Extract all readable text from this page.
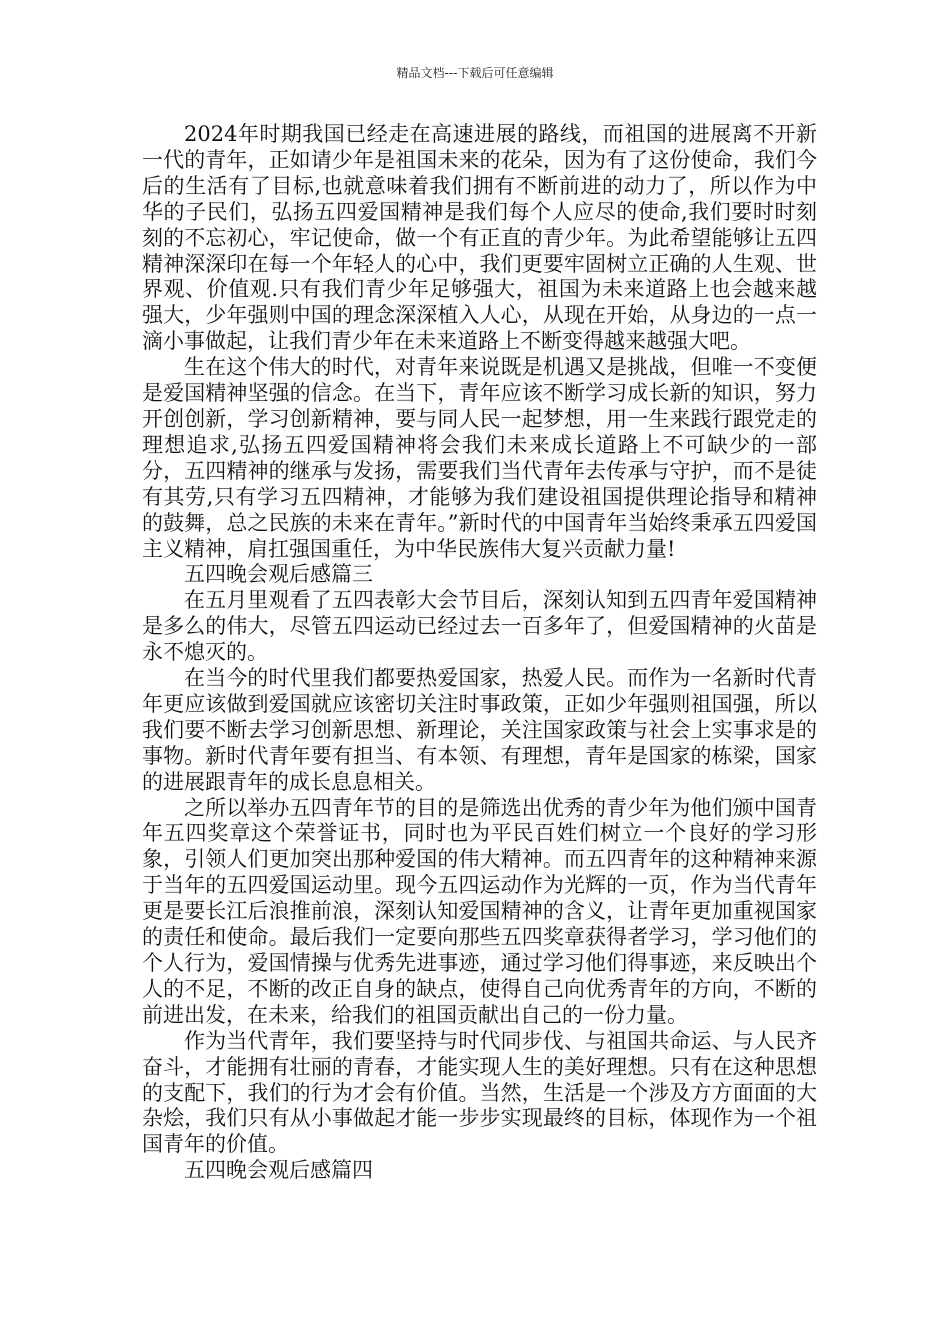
精品文档---下载后可任意编辑

2024年时期我国已经走在高速进展的路线，而祖国的进展离不开新一代的青年，正如请少年是祖国未来的花朵，因为有了这份使命，我们今后的生活有了目标,也就意味着我们拥有不断前进的动力了，所以作为中华的子民们，弘扬五四爱国精神是我们每个人应尽的使命,我们要时时刻刻的不忘初心，牢记使命，做一个有正直的青少年。为此希望能够让五四精神深深印在每一个年轻人的心中，我们更要牢固树立正确的人生观、世界观、价值观.只有我们青少年足够强大，祖国为未来道路上也会越来越强大，少年强则中国的理念深深植入人心，从现在开始，从身边的一点一滴小事做起，让我们青少年在未来道路上不断变得越来越强大吧。

生在这个伟大的时代，对青年来说既是机遇又是挑战，但唯一不变便是爱国精神坚强的信念。在当下，青年应该不断学习成长新的知识，努力开创创新，学习创新精神，要与同人民一起梦想，用一生来践行跟党走的理想追求,弘扬五四爱国精神将会我们未来成长道路上不可缺少的一部分，五四精神的继承与发扬，需要我们当代青年去传承与守护，而不是徒有其劳,只有学习五四精神，才能够为我们建设祖国提供理论指导和精神的鼓舞，总之民族的未来在青年。”新时代的中国青年当始终秉承五四爱国主义精神，肩扛强国重任，为中华民族伟大复兴贡献力量!

五四晚会观后感篇三

在五月里观看了五四表彰大会节目后，深刻认知到五四青年爱国精神是多么的伟大，尽管五四运动已经过去一百多年了，但爱国精神的火苗是永不熄灭的。

在当今的时代里我们都要热爱国家，热爱人民。而作为一名新时代青年更应该做到爱国就应该密切关注时事政策，正如少年强则祖国强，所以我们要不断去学习创新思想、新理论，关注国家政策与社会上实事求是的事物。新时代青年要有担当、有本领、有理想，青年是国家的栋梁，国家的进展跟青年的成长息息相关。

之所以举办五四青年节的目的是筛选出优秀的青少年为他们颁中国青年五四奖章这个荣誉证书，同时也为平民百姓们树立一个良好的学习形象，引领人们更加突出那种爱国的伟大精神。而五四青年的这种精神来源于当年的五四爱国运动里。现今五四运动作为光辉的一页，作为当代青年更是要长江后浪推前浪，深刻认知爱国精神的含义，让青年更加重视国家的责任和使命。最后我们一定要向那些五四奖章获得者学习，学习他们的个人行为，爱国情操与优秀先进事迹，通过学习他们得事迹，来反映出个人的不足，不断的改正自身的缺点，使得自己向优秀青年的方向，不断的前进出发，在未来，给我们的祖国贡献出自己的一份力量。

作为当代青年，我们要坚持与时代同步伐、与祖国共命运、与人民齐奋斗，才能拥有壮丽的青春，才能实现人生的美好理想。只有在这种思想的支配下，我们的行为才会有价值。当然，生活是一个涉及方方面面的大杂烩，我们只有从小事做起才能一步步实现最终的目标，体现作为一个祖国青年的价值。

五四晚会观后感篇四
